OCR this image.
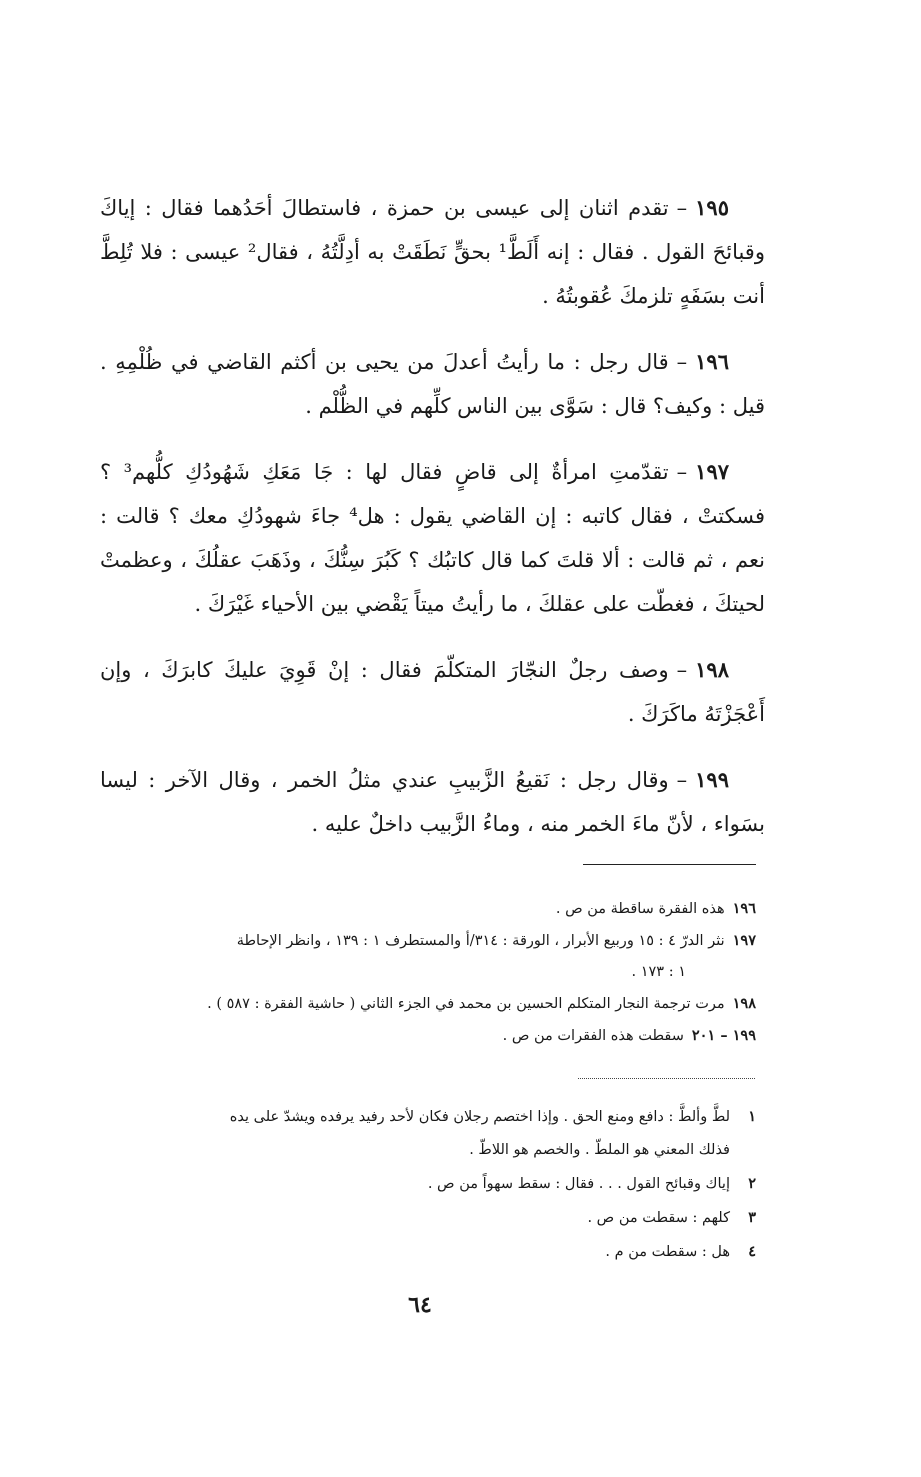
١٩٥–تقدم اثنان إلى عيسى بن حمزة ، فاستطالَ أحَدُهما فقال : إياكَ وقبائحَ القول . فقال : إنه أَلَطَّ¹ بحقٍّ نَطَقَتْ به أدِلَّتُهُ ، فقال² عيسى : فلا تُلِطَّ أنت بسَفَهٍ تلزمكَ عُقوبتُهُ .

١٩٦–قال رجل : ما رأيتُ أعدلَ من يحيى بن أكثم القاضي في ظُلْمِهِ . قيل : وكيف؟ قال : سَوَّى بين الناس كلِّهم في الظُّلْم .

١٩٧–تقدّمتِ امرأةٌ إلى قاضٍ فقال لها : جَا مَعَكِ شَهُودُكِ كلُّهم³ ؟ فسكتتْ ، فقال كاتبه : إن القاضي يقول : هل⁴ جاءَ شهودُكِ معك ؟ قالت : نعم ، ثم قالت : ألا قلتَ كما قال كاتبُك ؟ كَبُرَ سِنُّكَ ، وذَهَبَ عقلُكَ ، وعظمتْ لحيتكَ ، فغطّت على عقلكَ ، ما رأيتُ ميتاً يَقْضي بين الأحياء غَيْرَكَ .

١٩٨–وصف رجلٌ النجّارَ المتكلّمَ فقال : إنْ قَوِيَ عليكَ كابرَكَ ، وإن أَعْجَزْتَهُ ماكَرَكَ .

١٩٩–وقال رجل : نَقيعُ الزَّبيبِ عندي مثلُ الخمر ، وقال الآخر : ليسا بسَواء ، لأنّ ماءَ الخمر منه ، وماءُ الزَّبيب داخلٌ عليه .

١٩٦هذه الفقرة ساقطة من ص .

١٩٧نثر الدرّ ٤ : ١٥ وربيع الأبرار ، الورقة : ٣١٤/أ والمستطرف ١ : ١٣٩ ، وانظر الإحاطة

١ : ١٧٣ .

١٩٨مرت ترجمة النجار المتكلم الحسين بن محمد في الجزء الثاني ( حاشية الفقرة : ٥٨٧ ) .

١٩٩ – ٢٠١سقطت هذه الفقرات من ص .

١لطَّ وألطَّ : دافع ومنع الحق . وإذا اختصم رجلان فكان لأحد رفيد يرفده ويشدّ على يده

فذلك المعني هو الملطّ . والخصم هو اللاطّ .

٢إياك وقبائح القول . . . فقال : سقط سهواً من ص .

٣كلهم : سقطت من ص .

٤هل : سقطت من م .

٦٤
